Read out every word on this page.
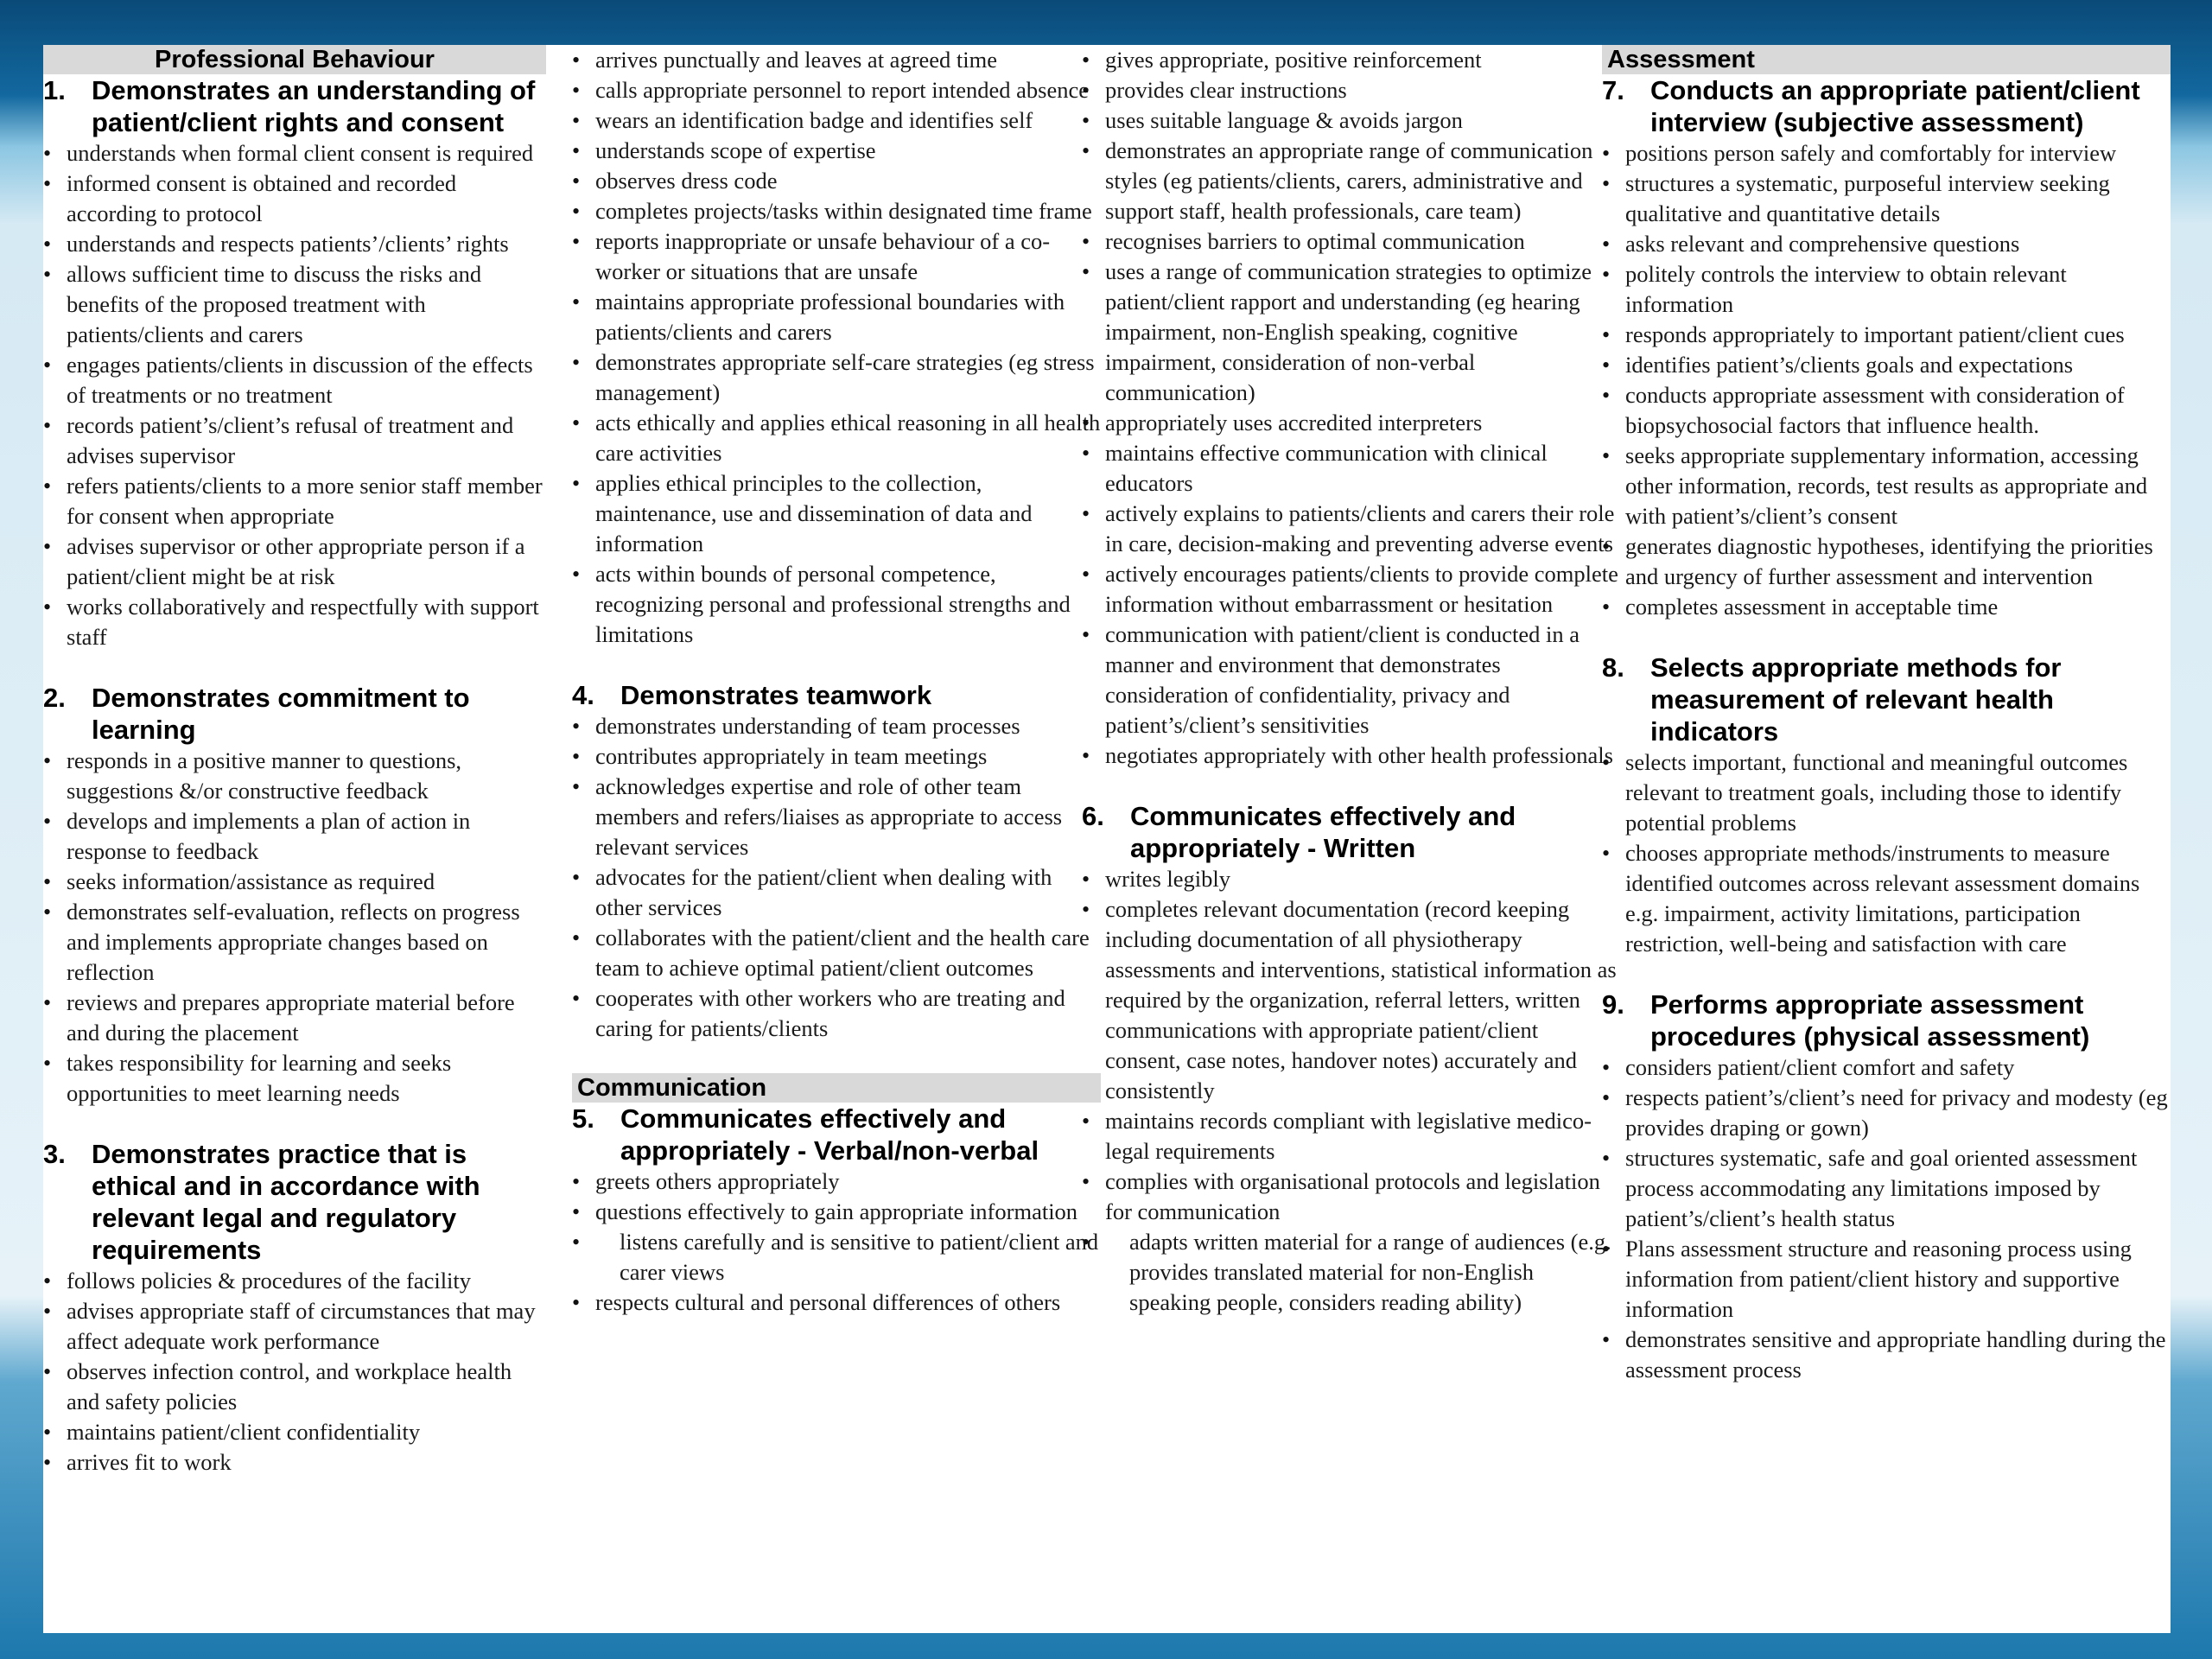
Professional Behaviour
1. Demonstrates an understanding of patient/client rights and consent
• understands when formal client consent is required
• informed consent is obtained and recorded according to protocol
• understands and respects patients’/clients’ rights
• allows sufficient time to discuss the risks and benefits of the proposed treatment with patients/clients and carers
• engages patients/clients in discussion of the effects of treatments or no treatment
• records patient’s/client’s refusal of treatment and advises supervisor
• refers patients/clients to a more senior staff member for consent when appropriate
• advises supervisor or other appropriate person if a patient/client might be at risk
• works collaboratively and respectfully with support staff
2. Demonstrates commitment to learning
• responds in a positive manner to questions, suggestions &/or constructive feedback
• develops and implements a plan of action in response to feedback
• seeks information/assistance as required
• demonstrates self-evaluation, reflects on progress and implements appropriate changes based on reflection
• reviews and prepares appropriate material before and during the placement
• takes responsibility for learning and seeks opportunities to meet learning needs
3. Demonstrates practice that is ethical and in accordance with relevant legal and regulatory requirements
• follows policies & procedures of the facility
• advises appropriate staff of circumstances that may affect adequate work performance
• observes infection control, and workplace health and safety policies
• maintains patient/client confidentiality
• arrives fit to work
• arrives punctually and leaves at agreed time
• calls appropriate personnel to report intended absence
• wears an identification badge and identifies self
• understands scope of expertise
• observes dress code
• completes projects/tasks within designated time frame
• reports inappropriate or unsafe behaviour of a co-worker or situations that are unsafe
• maintains appropriate professional boundaries with patients/clients and carers
• demonstrates appropriate self-care strategies (eg stress management)
• acts ethically and applies ethical reasoning in all health care activities
• applies ethical principles to the collection, maintenance, use and dissemination of data and information
• acts within bounds of personal competence, recognizing personal and professional strengths and limitations
4. Demonstrates teamwork
• demonstrates understanding of team processes
• contributes appropriately in team meetings
• acknowledges expertise and role of other team members and refers/liaises as appropriate to access relevant services
• advocates for the patient/client when dealing with other services
• collaborates with the patient/client and the health care team to achieve optimal patient/client outcomes
• cooperates with other workers who are treating and caring for patients/clients
Communication
5. Communicates effectively and appropriately - Verbal/non-verbal
• greets others appropriately
• questions effectively to gain appropriate information
• listens carefully and is sensitive to patient/client and carer views
• respects cultural and personal differences of others
• gives appropriate, positive reinforcement
• provides clear instructions
• uses suitable language & avoids jargon
• demonstrates an appropriate range of communication styles (eg patients/clients, carers, administrative and support staff, health professionals, care team)
• recognises barriers to optimal communication
• uses a range of communication strategies to optimize patient/client rapport and understanding (eg hearing impairment, non-English speaking, cognitive impairment, consideration of non-verbal communication)
• appropriately uses accredited interpreters
• maintains effective communication with clinical educators
• actively explains to patients/clients and carers their role in care, decision-making and preventing adverse events
• actively encourages patients/clients to provide complete information without embarrassment or hesitation
• communication with patient/client is conducted in a manner and environment that demonstrates consideration of confidentiality, privacy and patient’s/client’s sensitivities
• negotiates appropriately with other health professionals
6. Communicates effectively and appropriately - Written
• writes legibly
• completes relevant documentation (record keeping including documentation of all physiotherapy assessments and interventions, statistical information as required by the organization, referral letters, written communications with appropriate patient/client consent, case notes, handover notes) accurately and consistently
• maintains records compliant with legislative medico-legal requirements
• complies with organisational protocols and legislation for communication
• adapts written material for a range of audiences (e.g. provides translated material for non-English speaking people, considers reading ability)
Assessment
7. Conducts an appropriate patient/client interview (subjective assessment)
• positions person safely and comfortably for interview
• structures a systematic, purposeful interview seeking qualitative and quantitative details
• asks relevant and comprehensive questions
• politely controls the interview to obtain relevant information
• responds appropriately to important patient/client cues
• identifies patient’s/clients goals and expectations
• conducts appropriate assessment with consideration of biopsychosocial factors that influence health.
• seeks appropriate supplementary information, accessing other information, records, test results as appropriate and with patient’s/client’s consent
• generates diagnostic hypotheses, identifying the priorities and urgency of further assessment and intervention
• completes assessment in acceptable time
8. Selects appropriate methods for measurement of relevant health indicators
• selects important, functional and meaningful outcomes relevant to treatment goals, including those to identify potential problems
• chooses appropriate methods/instruments to measure identified outcomes across relevant assessment domains e.g. impairment, activity limitations, participation restriction, well-being and satisfaction with care
9. Performs appropriate assessment procedures (physical assessment)
• considers patient/client comfort and safety
• respects patient’s/client’s need for privacy and modesty (eg provides draping or gown)
• structures systematic, safe and goal oriented assessment process accommodating any limitations imposed by patient’s/client’s health status
• Plans assessment structure and reasoning process using information from patient/client history and supportive information
• demonstrates sensitive and appropriate handling during the assessment process
